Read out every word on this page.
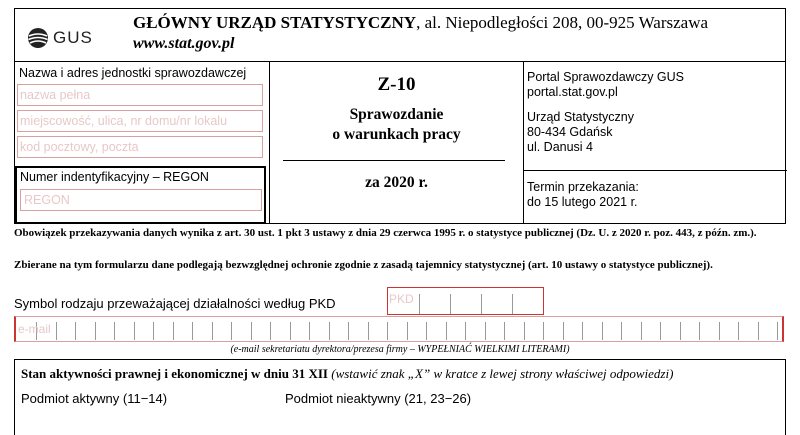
GUS
GŁÓWNY URZĄD STATYSTYCZNY, al. Niepodległości 208, 00-925 Warszawa
www.stat.gov.pl
Nazwa i adres jednostki sprawozdawczej
nazwa pełna
miejscowość, ulica, nr domu/nr lokalu
kod pocztowy, poczta
Numer indentyfikacyjny – REGON
REGON
Z-10
Sprawozdanie
o warunkach pracy
za 2020 r.
Portal Sprawozdawczy GUS
portal.stat.gov.pl
Urząd Statystyczny
80-434 Gdańsk
ul. Danusi 4
Termin przekazania:
do 15 lutego 2021 r.
Obowiązek przekazywania danych wynika z art. 30 ust. 1 pkt 3 ustawy z dnia 29 czerwca 1995 r. o statystyce publicznej (Dz. U. z 2020 r. poz. 443, z późn. zm.).
Zbierane na tym formularzu dane podlegają bezwzględnej ochronie zgodnie z zasadą tajemnicy statystycznej (art. 10 ustawy o statystyce publicznej).
Symbol rodzaju przeważającej działalności według PKD	PKD
e-mail
(e-mail sekretariatu dyrektora/prezesa firmy – WYPEŁNIAĆ WIELKIMI LITERAMI)
Stan aktywności prawnej i ekonomicznej w dniu 31 XII (wstawić znak „X” w kratce z lewej strony właściwej odpowiedzi)
Podmiot aktywny (11−14)	Podmiot nieaktywny (21, 23−26)
